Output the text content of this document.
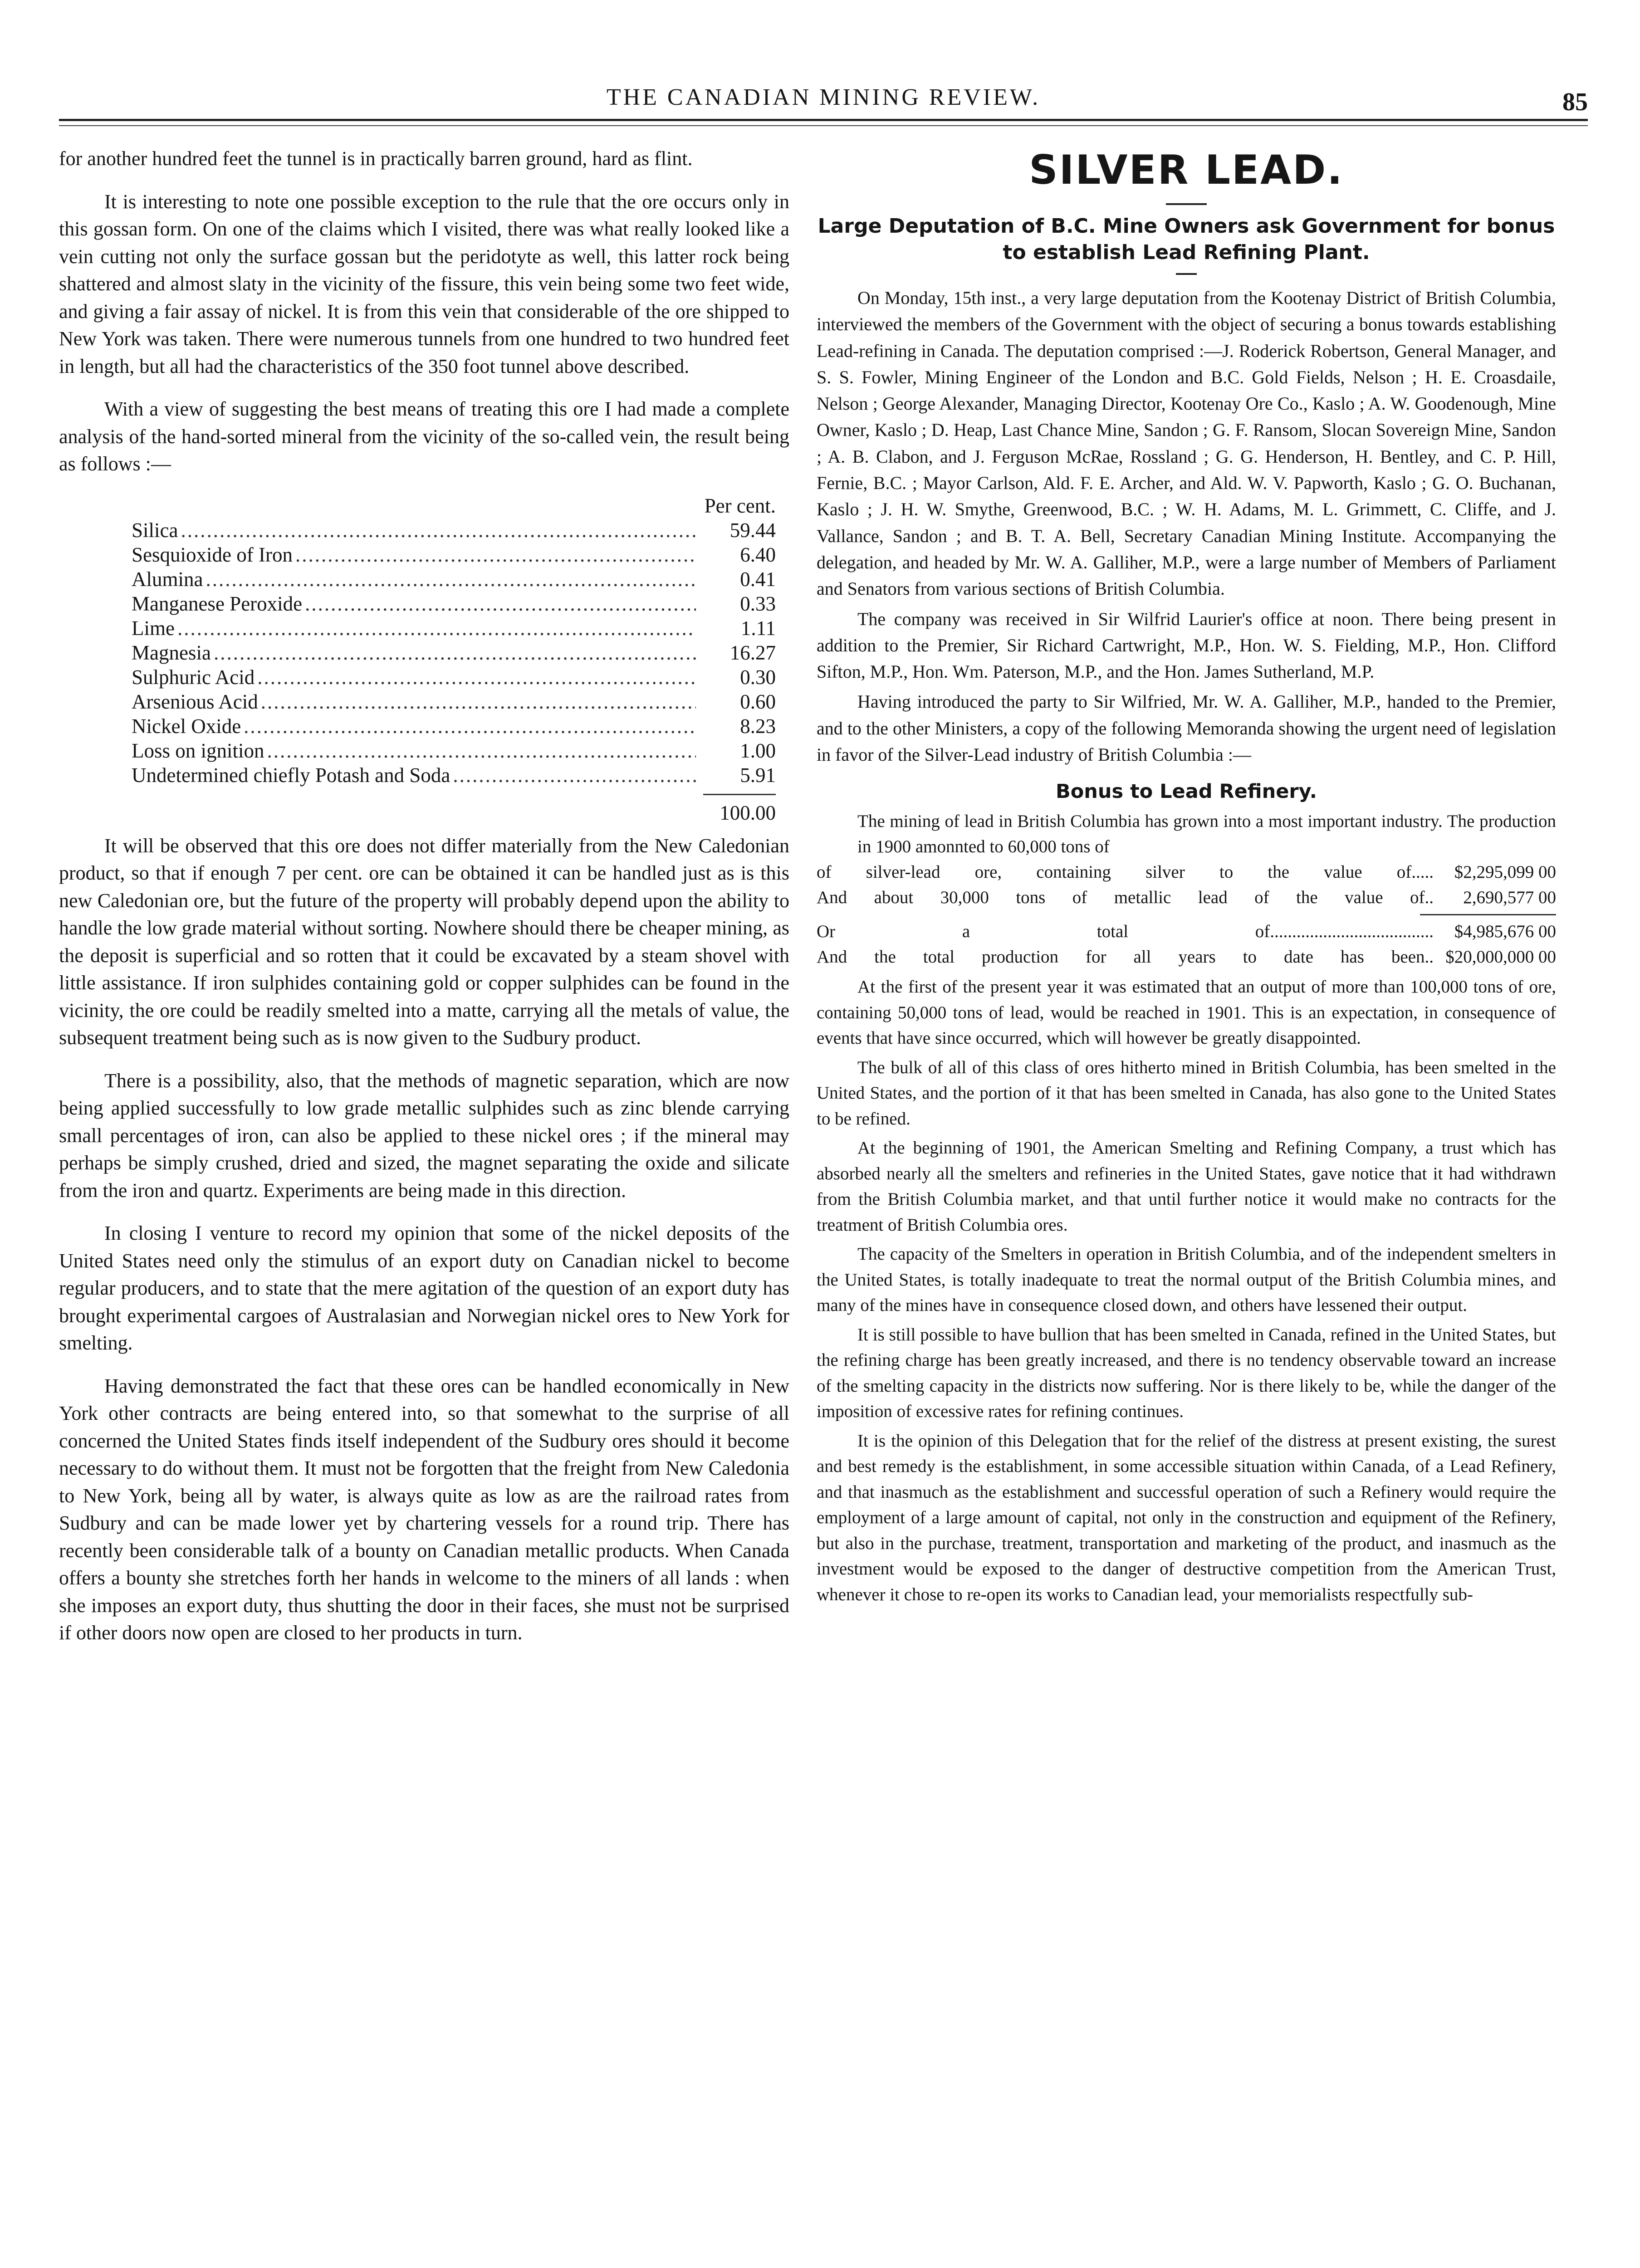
THE CANADIAN MINING REVIEW.	85

for another hundred feet the tunnel is in practically barren ground, hard as flint.

It is interesting to note one possible exception to the rule that the ore occurs only in this gossan form. On one of the claims which I visited, there was what really looked like a vein cutting not only the surface gossan but the peridotyte as well, this latter rock being shattered and almost slaty in the vicinity of the fissure, this vein being some two feet wide, and giving a fair assay of nickel. It is from this vein that considerable of the ore shipped to New York was taken. There were numerous tunnels from one hundred to two hundred feet in length, but all had the characteristics of the 350 foot tunnel above described.

With a view of suggesting the best means of treating this ore I had made a complete analysis of the hand-sorted mineral from the vicinity of the so-called vein, the result being as follows :—

Per cent.
Silica .....	59.44
Sesquioxide of Iron .....	6.40
Alumina .....	0.41
Manganese Peroxide .....	0.33
Lime .....	1.11
Magnesia .....	16.27
Sulphuric Acid .....	0.30
Arsenious Acid .....	0.60
Nickel Oxide .....	8.23
Loss on ignition .....	1.00
Undetermined chiefly Potash and Soda .....	5.91
100.00

It will be observed that this ore does not differ materially from the New Caledonian product, so that if enough 7 per cent. ore can be obtained it can be handled just as is this new Caledonian ore, but the future of the property will probably depend upon the ability to handle the low grade material without sorting. Nowhere should there be cheaper mining, as the deposit is superficial and so rotten that it could be excavated by a steam shovel with little assistance. If iron sulphides containing gold or copper sulphides can be found in the vicinity, the ore could be readily smelted into a matte, carrying all the metals of value, the subsequent treatment being such as is now given to the Sudbury product.

There is a possibility, also, that the methods of magnetic separation, which are now being applied successfully to low grade metallic sulphides such as zinc blende carrying small percentages of iron, can also be applied to these nickel ores ; if the mineral may perhaps be simply crushed, dried and sized, the magnet separating the oxide and silicate from the iron and quartz. Experiments are being made in this direction.

In closing I venture to record my opinion that some of the nickel deposits of the United States need only the stimulus of an export duty on Canadian nickel to become regular producers, and to state that the mere agitation of the question of an export duty has brought experimental cargoes of Australasian and Norwegian nickel ores to New York for smelting.

Having demonstrated the fact that these ores can be handled economically in New York other contracts are being entered into, so that somewhat to the surprise of all concerned the United States finds itself independent of the Sudbury ores should it become necessary to do without them. It must not be forgotten that the freight from New Caledonia to New York, being all by water, is always quite as low as are the railroad rates from Sudbury and can be made lower yet by chartering vessels for a round trip. There has recently been considerable talk of a bounty on Canadian metallic products. When Canada offers a bounty she stretches forth her hands in welcome to the miners of all lands : when she imposes an export duty, thus shutting the door in their faces, she must not be surprised if other doors now open are closed to her products in turn.

SILVER LEAD.
Large Deputation of B.C. Mine Owners ask Government for bonus to establish Lead Refining Plant.

On Monday, 15th inst., a very large deputation from the Kootenay District of British Columbia, interviewed the members of the Government with the object of securing a bonus towards establishing Lead-refining in Canada. The deputation comprised :—J. Roderick Robertson, General Manager, and S. S. Fowler, Mining Engineer of the London and B.C. Gold Fields, Nelson ; H. E. Croasdaile, Nelson ; George Alexander, Managing Director, Kootenay Ore Co., Kaslo ; A. W. Goodenough, Mine Owner, Kaslo ; D. Heap, Last Chance Mine, Sandon ; G. F. Ransom, Slocan Sovereign Mine, Sandon ; A. B. Clabon, and J. Ferguson McRae, Rossland ; G. G. Henderson, H. Bentley, and C. P. Hill, Fernie, B.C. ; Mayor Carlson, Ald. F. E. Archer, and Ald. W. V. Papworth, Kaslo ; G. O. Buchanan, Kaslo ; J. H. W. Smythe, Greenwood, B.C. ; W. H. Adams, M. L. Grimmett, C. Cliffe, and J. Vallance, Sandon ; and B. T. A. Bell, Secretary Canadian Mining Institute. Accompanying the delegation, and headed by Mr. W. A. Galliher, M.P., were a large number of Members of Parliament and Senators from various sections of British Columbia.

The company was received in Sir Wilfrid Laurier's office at noon. There being present in addition to the Premier, Sir Richard Cartwright, M.P., Hon. W. S. Fielding, M.P., Hon. Clifford Sifton, M.P., Hon. Wm. Paterson, M.P., and the Hon. James Sutherland, M.P.

Having introduced the party to Sir Wilfried, Mr. W. A. Galliher, M.P., handed to the Premier, and to the other Ministers, a copy of the following Memoranda showing the urgent need of legislation in favor of the Silver-Lead industry of British Columbia :—

Bonus to Lead Refinery.
The mining of lead in British Columbia has grown into a most important industry. The production in 1900 amonnted to 60,000 tons of
of silver-lead ore, containing silver to the value of.....	$2,295,099 00
And about 30,000 tons of metallic lead of the value of..	2,690,577 00
Or a total of.....................................	$4,985,676 00
And the total production for all years to date has been.. $20,000,000 00

At the first of the present year it was estimated that an output of more than 100,000 tons of ore, containing 50,000 tons of lead, would be reached in 1901. This is an expectation, in consequence of events that have since occurred, which will however be greatly disappointed.

The bulk of all of this class of ores hitherto mined in British Columbia, has been smelted in the United States, and the portion of it that has been smelted in Canada, has also gone to the United States to be refined.

At the beginning of 1901, the American Smelting and Refining Company, a trust which has absorbed nearly all the smelters and refineries in the United States, gave notice that it had withdrawn from the British Columbia market, and that until further notice it would make no contracts for the treatment of British Columbia ores.

The capacity of the Smelters in operation in British Columbia, and of the independent smelters in the United States, is totally inadequate to treat the normal output of the British Columbia mines, and many of the mines have in consequence closed down, and others have lessened their output.

It is still possible to have bullion that has been smelted in Canada, refined in the United States, but the refining charge has been greatly increased, and there is no tendency observable toward an increase of the smelting capacity in the districts now suffering. Nor is there likely to be, while the danger of the imposition of excessive rates for refining continues.

It is the opinion of this Delegation that for the relief of the distress at present existing, the surest and best remedy is the establishment, in some accessible situation within Canada, of a Lead Refinery, and that inasmuch as the establishment and successful operation of such a Refinery would require the employment of a large amount of capital, not only in the construction and equipment of the Refinery, but also in the purchase, treatment, transportation and marketing of the product, and inasmuch as the investment would be exposed to the danger of destructive competition from the American Trust, whenever it chose to re-open its works to Canadian lead, your memorialists respectfully sub-
